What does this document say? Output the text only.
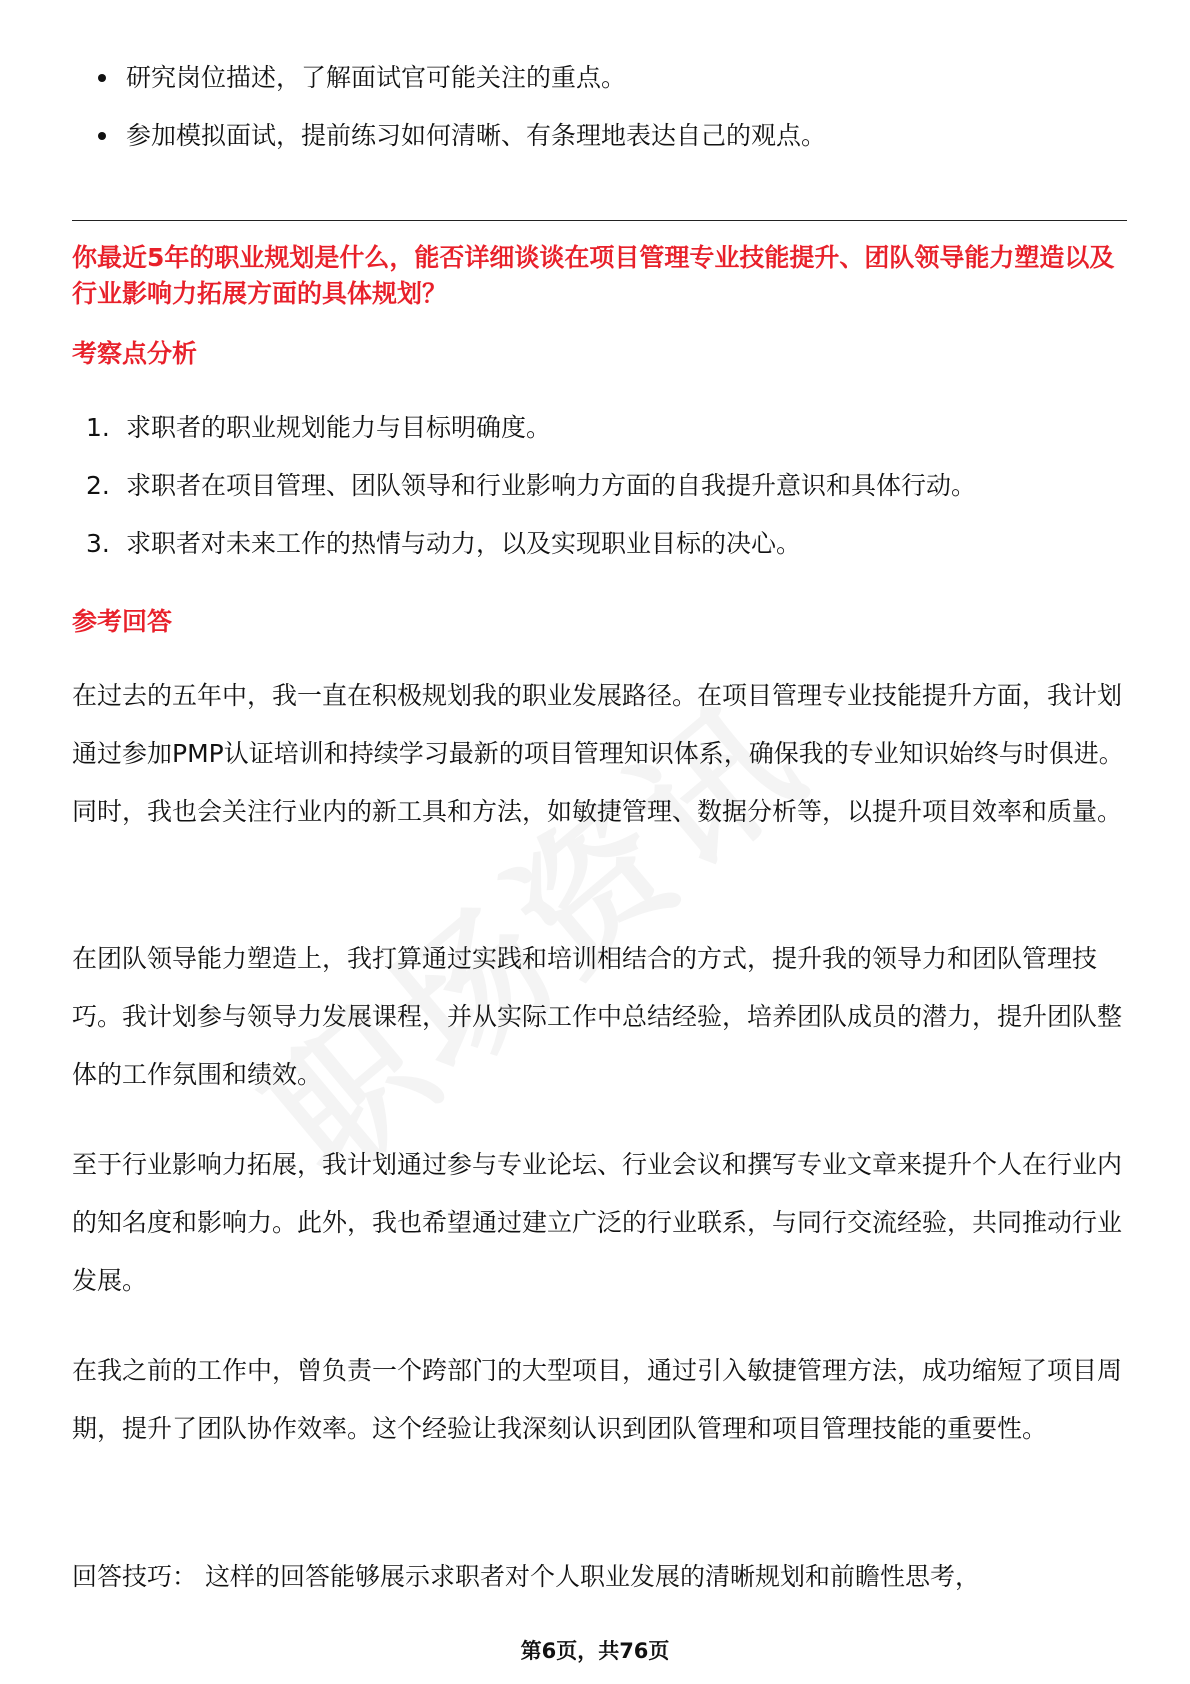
研究岗位描述，了解面试官可能关注的重点。
参加模拟面试，提前练习如何清晰、有条理地表达自己的观点。
你最近5年的职业规划是什么，能否详细谈谈在项目管理专业技能提升、团队领导能力塑造以及行业影响力拓展方面的具体规划？
考察点分析
1. 求职者的职业规划能力与目标明确度。
2. 求职者在项目管理、团队领导和行业影响力方面的自我提升意识和具体行动。
3. 求职者对未来工作的热情与动力，以及实现职业目标的决心。
参考回答

在过去的五年中，我一直在积极规划我的职业发展路径。在项目管理专业技能提升方面，我计划通过参加PMP认证培训和持续学习最新的项目管理知识体系，确保我的专业知识始终与时俱进。同时，我也会关注行业内的新工具和方法，如敏捷管理、数据分析等，以提升项目效率和质量。

在团队领导能力塑造上，我打算通过实践和培训相结合的方式，提升我的领导力和团队管理技巧。我计划参与领导力发展课程，并从实际工作中总结经验，培养团队成员的潜力，提升团队整体的工作氛围和绩效。

至于行业影响力拓展，我计划通过参与专业论坛、行业会议和撰写专业文章来提升个人在行业内的知名度和影响力。此外，我也希望通过建立广泛的行业联系，与同行交流经验，共同推动行业发展。

在我之前的工作中，曾负责一个跨部门的大型项目，通过引入敏捷管理方法，成功缩短了项目周期，提升了团队协作效率。这个经验让我深刻认识到团队管理和项目管理技能的重要性。

回答技巧： 这样的回答能够展示求职者对个人职业发展的清晰规划和前瞻性思考，

第6页，共76页
